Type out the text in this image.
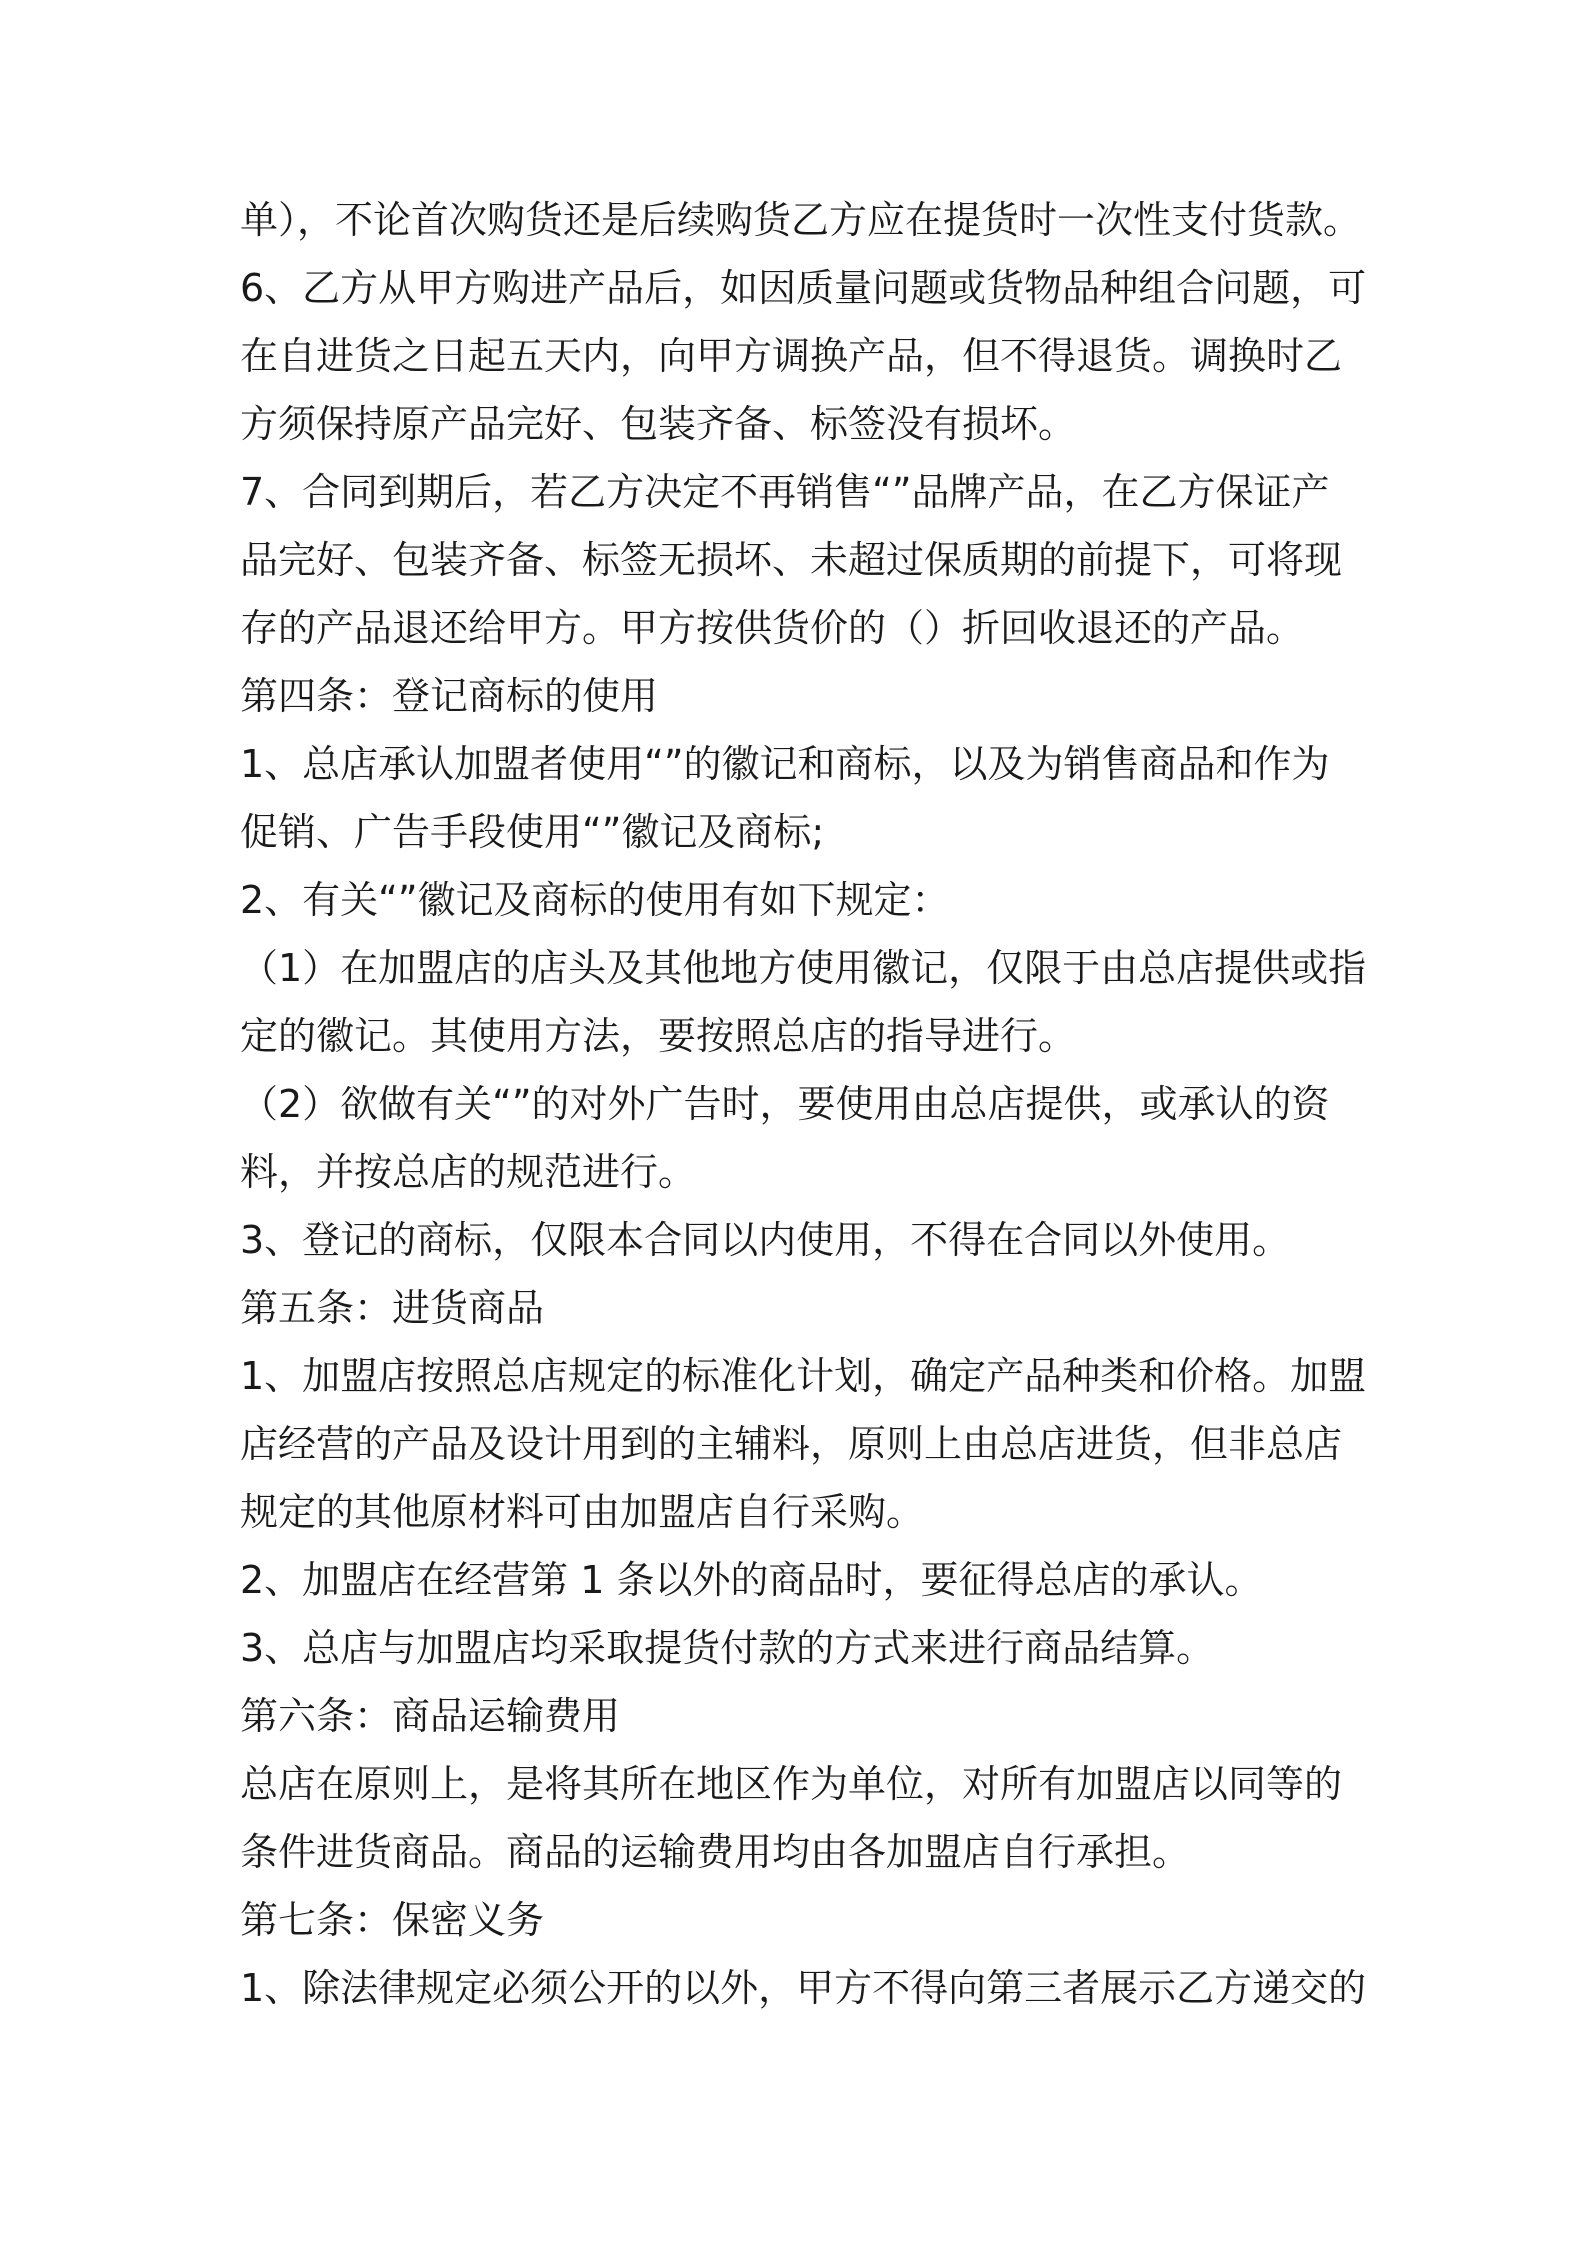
单），不论首次购货还是后续购货乙方应在提货时一次性支付货款。
6、乙方从甲方购进产品后，如因质量问题或货物品种组合问题，可
在自进货之日起五天内，向甲方调换产品，但不得退货。调换时乙
方须保持原产品完好、包装齐备、标签没有损坏。
7、合同到期后，若乙方决定不再销售“”品牌产品，在乙方保证产
品完好、包装齐备、标签无损坏、未超过保质期的前提下，可将现
存的产品退还给甲方。甲方按供货价的（）折回收退还的产品。
第四条：登记商标的使用
1、总店承认加盟者使用“”的徽记和商标，以及为销售商品和作为
促销、广告手段使用“”徽记及商标;
2、有关“”徽记及商标的使用有如下规定：
（1）在加盟店的店头及其他地方使用徽记，仅限于由总店提供或指
定的徽记。其使用方法，要按照总店的指导进行。
（2）欲做有关“”的对外广告时，要使用由总店提供，或承认的资
料，并按总店的规范进行。
3、登记的商标，仅限本合同以内使用，不得在合同以外使用。
第五条：进货商品
1、加盟店按照总店规定的标准化计划，确定产品种类和价格。加盟
店经营的产品及设计用到的主辅料，原则上由总店进货，但非总店
规定的其他原材料可由加盟店自行采购。
2、加盟店在经营第 1 条以外的商品时，要征得总店的承认。
3、总店与加盟店均采取提货付款的方式来进行商品结算。
第六条：商品运输费用
总店在原则上，是将其所在地区作为单位，对所有加盟店以同等的
条件进货商品。商品的运输费用均由各加盟店自行承担。
第七条：保密义务
1、除法律规定必须公开的以外，甲方不得向第三者展示乙方递交的
